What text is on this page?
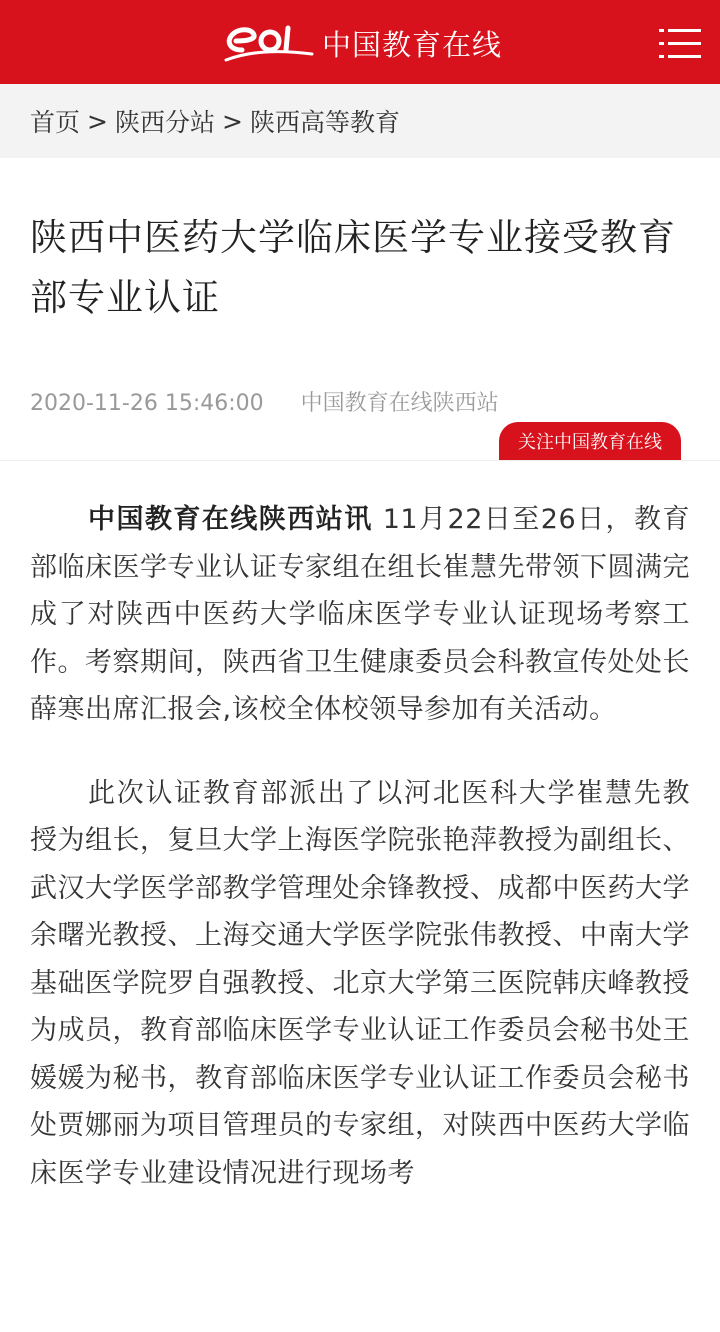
中国教育在线
首页 > 陕西分站 > 陕西高等教育
陕西中医药大学临床医学专业接受教育部专业认证
2020-11-26 15:46:00 中国教育在线陕西站
关注中国教育在线

中国教育在线陕西站讯 11月22日至26日，教育部临床医学专业认证专家组在组长崔慧先带领下圆满完成了对陕西中医药大学临床医学专业认证现场考察工作。考察期间，陕西省卫生健康委员会科教宣传处处长薛寒出席汇报会,该校全体校领导参加有关活动。

此次认证教育部派出了以河北医科大学崔慧先教授为组长，复旦大学上海医学院张艳萍教授为副组长、武汉大学医学部教学管理处余锋教授、成都中医药大学余曙光教授、上海交通大学医学院张伟教授、中南大学基础医学院罗自强教授、北京大学第三医院韩庆峰教授为成员，教育部临床医学专业认证工作委员会秘书处王媛媛为秘书，教育部临床医学专业认证工作委员会秘书处贾娜丽为项目管理员的专家组，对陕西中医药大学临床医学专业建设情况进行现场考
